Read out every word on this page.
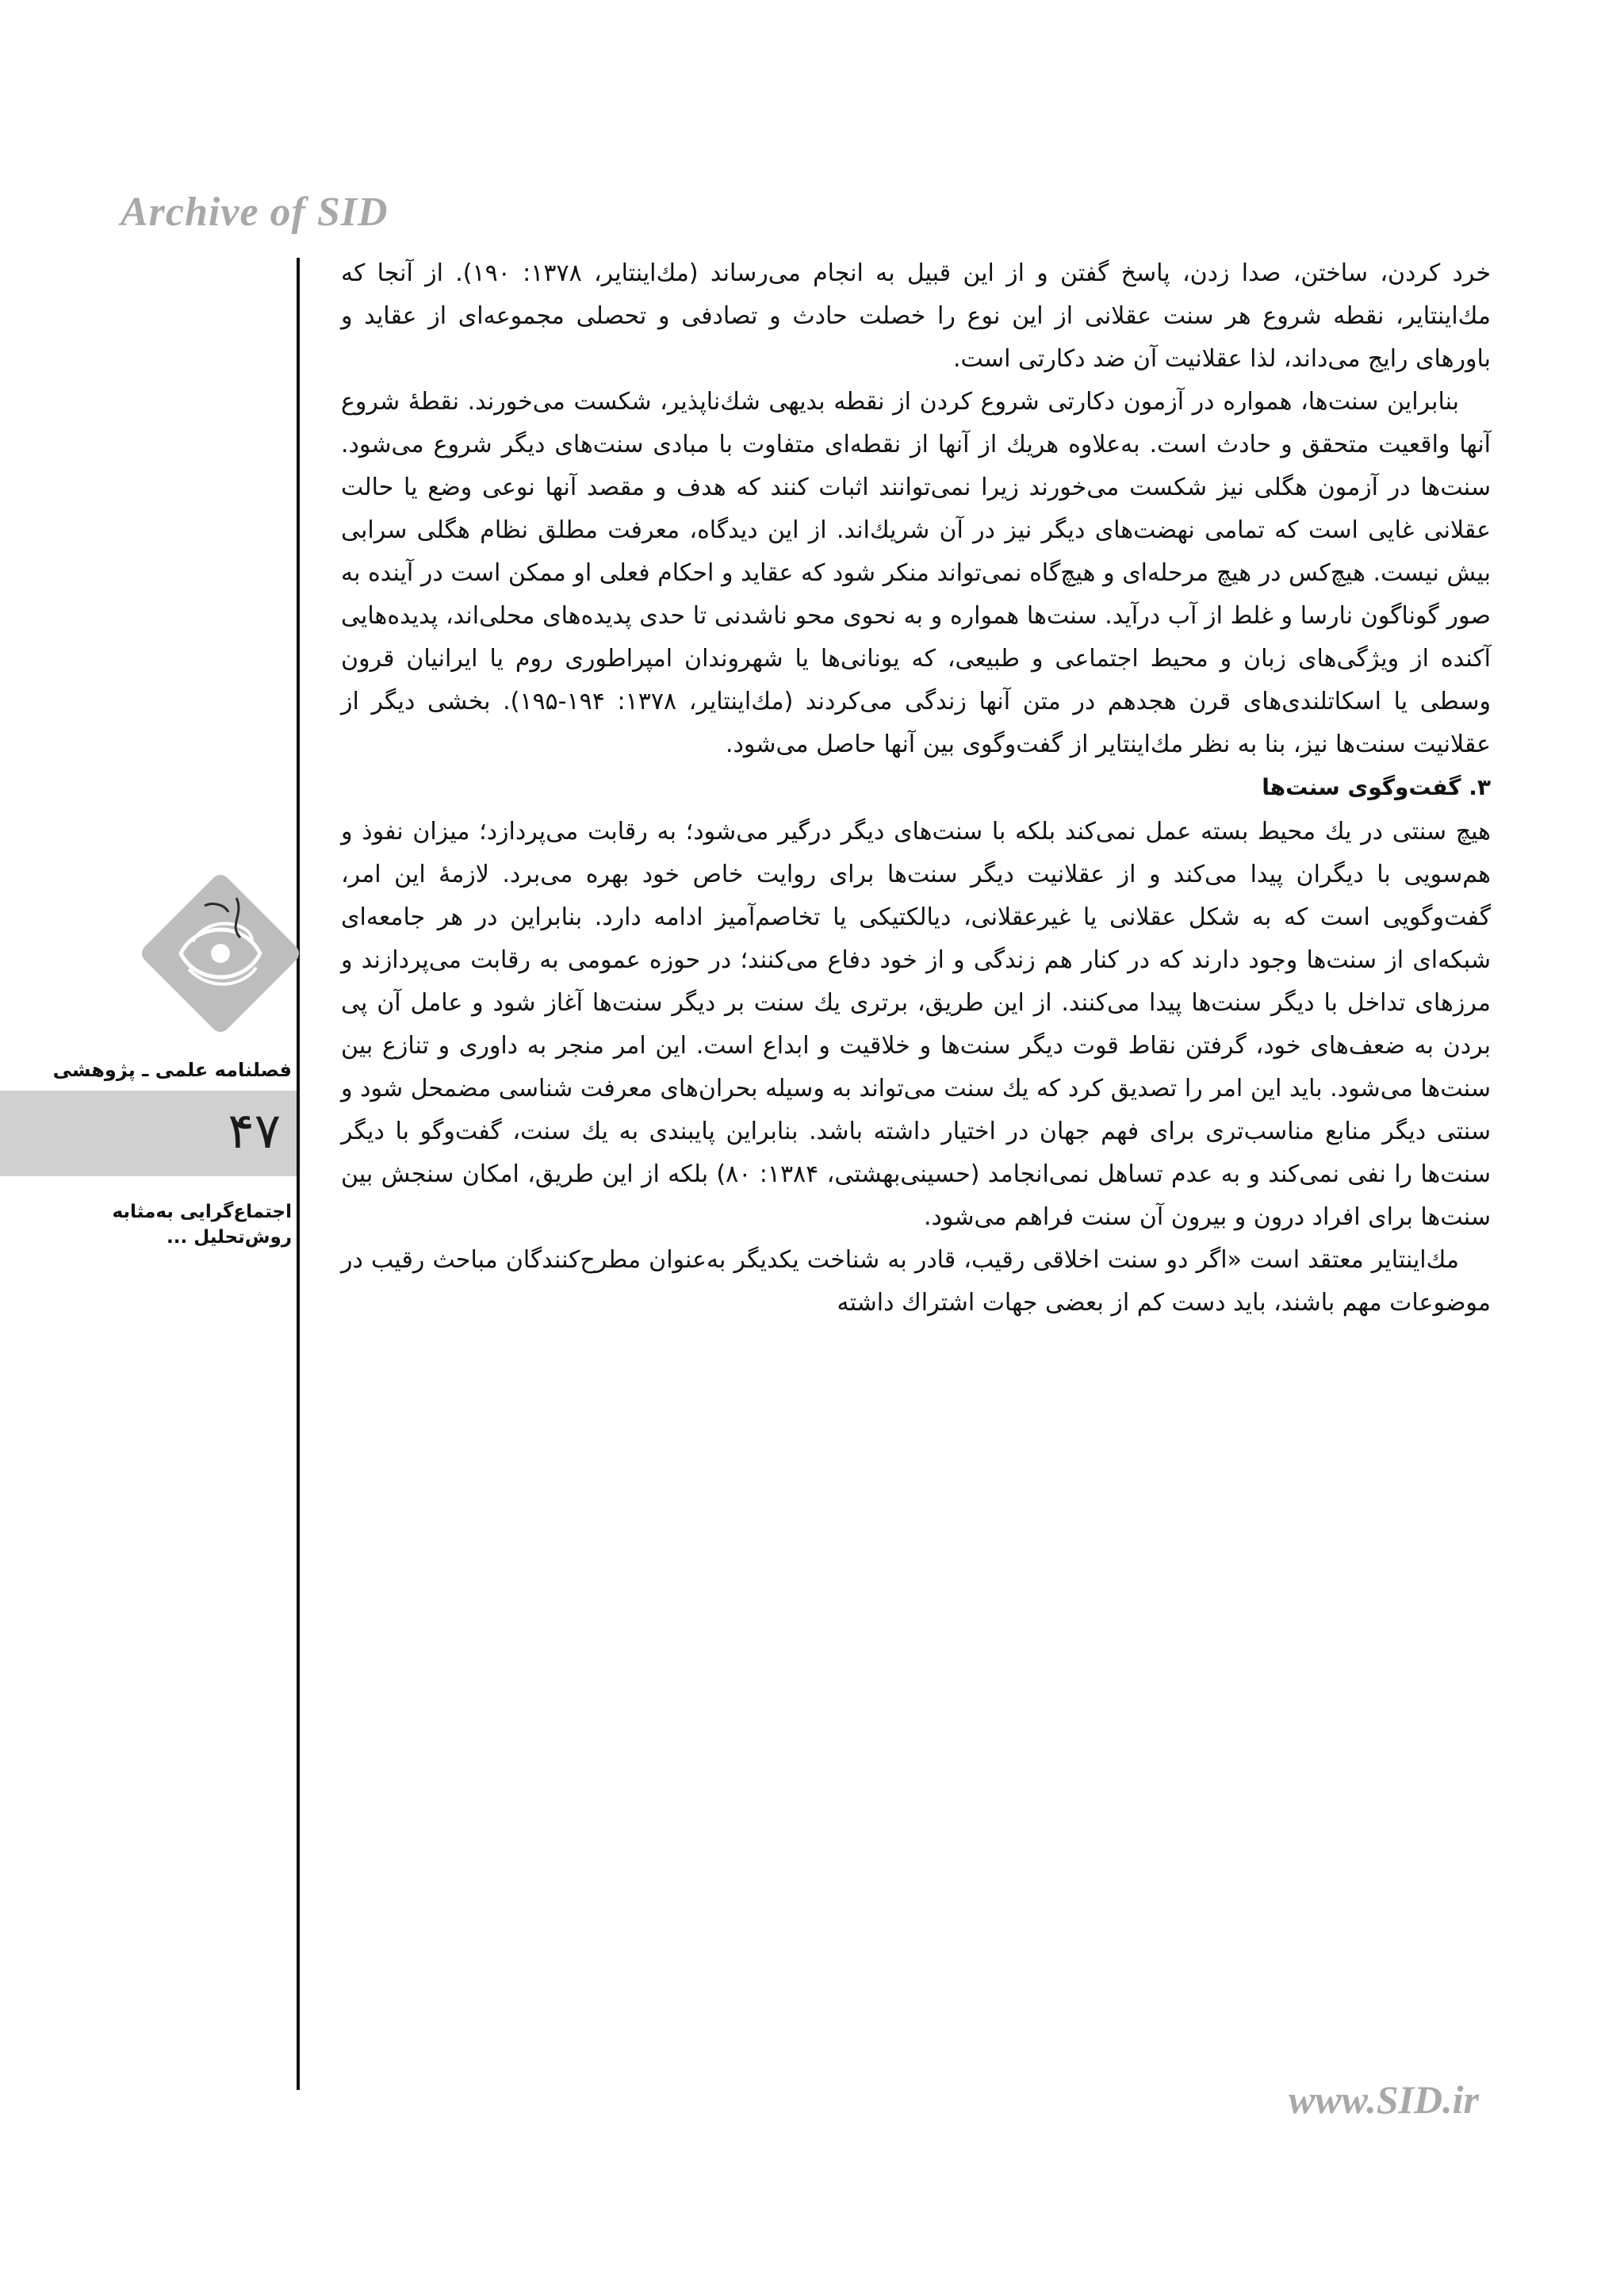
Archive of SID

خرد کردن، ساختن، صدا زدن، پاسخ گفتن و از این قبیل به انجام می‌رساند (مك‌اینتایر، ۱۳۷۸: ۱۹۰). از آنجا که مك‌اینتایر، نقطه شروع هر سنت عقلانی از این نوع را خصلت حادث و تصادفی و تحصلی مجموعه‌ای از عقاید و باورهای رایج می‌داند، لذا عقلانیت آن ضد دکارتی است.

بنابراین سنت‌ها، همواره در آزمون دکارتی شروع کردن از نقطه بدیهی شك‌ناپذیر، شکست می‌خورند. نقطهٔ شروع آنها واقعیت متحقق و حادث است. به‌علاوه هریك از آنها از نقطه‌ای متفاوت با مبادی سنت‌های دیگر شروع می‌شود. سنت‌ها در آزمون هگلی نیز شکست می‌خورند زیرا نمی‌توانند اثبات کنند که هدف و مقصد آنها نوعی وضع یا حالت عقلانی غایی است که تمامی نهضت‌های دیگر نیز در آن شریك‌اند. از این دیدگاه، معرفت مطلق نظام هگلی سرابی بیش نیست. هیچ‌کس در هیچ مرحله‌ای و هیچ‌گاه نمی‌تواند منکر شود که عقاید و احکام فعلی او ممکن است در آینده به صور گوناگون نارسا و غلط از آب درآید. سنت‌ها همواره و به نحوی محو ناشدنی تا حدی پدیده‌های محلی‌اند، پدیده‌هایی آکنده از ویژگی‌های زبان و محیط اجتماعی و طبیعی، که یونانی‌ها یا شهروندان امپراطوری روم یا ایرانیان قرون وسطی یا اسکاتلندی‌های قرن هجدهم در متن آنها زندگی می‌کردند (مك‌اینتایر، ۱۳۷۸: ۱۹۴-۱۹۵). بخشی دیگر از عقلانیت سنت‌ها نیز، بنا به نظر مك‌اینتایر از گفت‌وگوی بین آنها حاصل می‌شود.

۳. گفت‌وگوی سنت‌ها

هیچ سنتی در یك محیط بسته عمل نمی‌کند بلکه با سنت‌های دیگر درگیر می‌شود؛ به رقابت می‌پردازد؛ میزان نفوذ و هم‌سویی با دیگران پیدا می‌کند و از عقلانیت دیگر سنت‌ها برای روایت خاص خود بهره می‌برد. لازمهٔ این امر، گفت‌وگویی است که به شکل عقلانی یا غیرعقلانی، دیالکتیکی یا تخاصم‌آمیز ادامه دارد. بنابراین در هر جامعه‌ای شبکه‌ای از سنت‌ها وجود دارند که در کنار هم زندگی و از خود دفاع می‌کنند؛ در حوزه عمومی به رقابت می‌پردازند و مرزهای تداخل با دیگر سنت‌ها پیدا می‌کنند. از این طریق، برتری یك سنت بر دیگر سنت‌ها آغاز شود و عامل آن پی بردن به ضعف‌های خود، گرفتن نقاط قوت دیگر سنت‌ها و خلاقیت و ابداع است. این امر منجر به داوری و تنازع بین سنت‌ها می‌شود. باید این امر را تصدیق کرد که یك سنت می‌تواند به وسیله بحران‌های معرفت شناسی مضمحل شود و سنتی دیگر منابع مناسب‌تری برای فهم جهان در اختیار داشته باشد. بنابراین پایبندی به یك سنت، گفت‌وگو با دیگر سنت‌ها را نفی نمی‌کند و به عدم تساهل نمی‌انجامد (حسینی‌بهشتی، ۱۳۸۴: ۸۰) بلکه از این طریق، امکان سنجش بین سنت‌ها برای افراد درون و بیرون آن سنت فراهم می‌شود.

مك‌اینتایر معتقد است «اگر دو سنت اخلاقی رقیب، قادر به شناخت یکدیگر به‌عنوان مطرح‌کنندگان مباحث رقیب در موضوعات مهم باشند، باید دست کم از بعضی جهات اشتراك داشته

فصلنامه علمی ـ پژوهشی
۴۷
اجتماع‌گرایی به‌مثابه
روش‌تحلیل ...
www.SID.ir
